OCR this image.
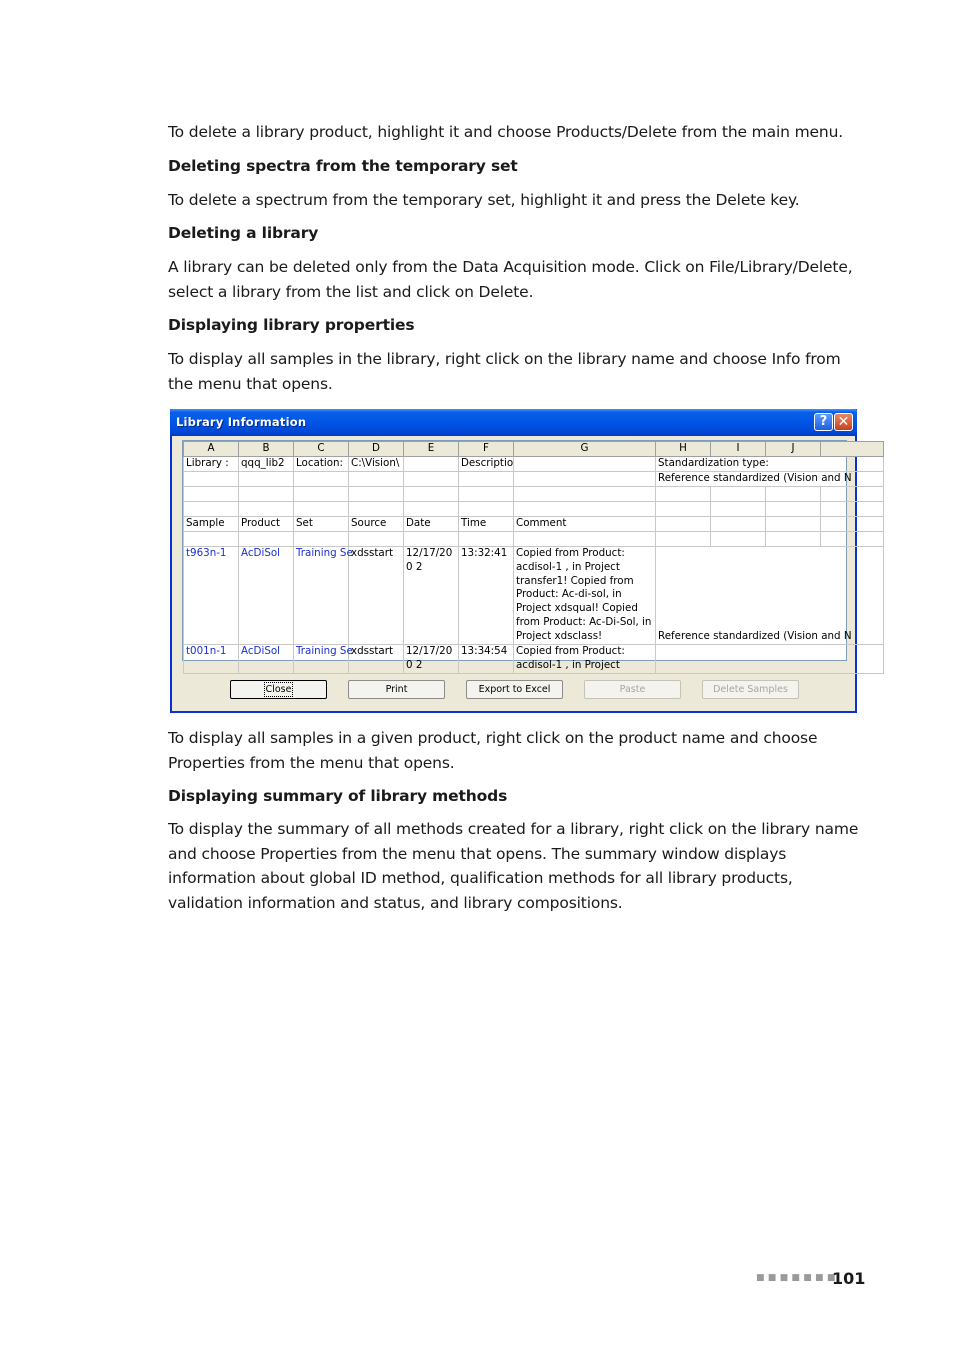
To delete a library product, highlight it and choose Products/Delete from the main menu.

Deleting spectra from the temporary set

To delete a spectrum from the temporary set, highlight it and press the Delete key.

Deleting a library

A library can be deleted only from the Data Acquisition mode. Click on File/Library/Delete, select a library from the list and click on Delete.

Displaying library properties

To display all samples in the library, right click on the library name and choose Info from the menu that opens.

Library Information	? ✕
A	B	C	D	E	F	G	H	I	J	
Library :	qqq_lib2	Location:	C:\Vision\		Descriptio		Standardization type:			
							Reference standardized (Vision and N			

Sample	Product	Set	Source	Date	Time	Comment				

t963n-1	AcDiSol	Training Se	xdsstart	12/17/200 2	13:32:41	Copied from Product: acdisol-1 , in Project transfer1! Copied from Product: Ac-di-sol, in Project xdsqual! Copied from Product: Ac-Di-Sol, in Project xdsclass!	Reference standardized (Vision and N			
t001n-1	AcDiSol	Training Se	xdsstart	12/17/200 2	13:34:54	Copied from Product: acdisol-1 , in Project				
Close	Print	Export to Excel	Paste	Delete Samples

To display all samples in a given product, right click on the product name and choose Properties from the menu that opens.

Displaying summary of library methods

To display the summary of all methods created for a library, right click on the library name and choose Properties from the menu that opens. The summary window displays information about global ID method, qualification methods for all library products, validation information and status, and library compositions.

■■■■■■■
101
